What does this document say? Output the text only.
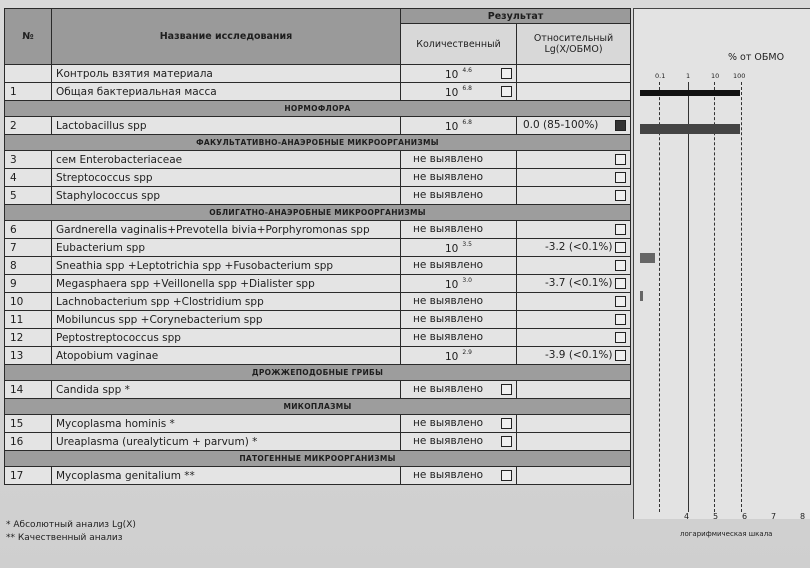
№	Название исследования	Результат	
		Количественный	Относительный Lg(X/ОБМО)
	Контроль взятия материала	10 $^{4.6}$

1	Общая бактериальная масса	10 $^{6.8}$

НОРМОФЛОРА			
2	Lactobacillus spp	10 $^{6.8}$	0.0 (85-100%)

ФАКУЛЬТАТИВНО-АНАЭРОБНЫЕ МИКРООРГАНИЗМЫ			
3	сем Enterobacteriaceae	не выявлено	

4	Streptococcus spp	не выявлено	

5	Staphylococcus spp	не выявлено	

ОБЛИГАТНО-АНАЭРОБНЫЕ МИКРООРГАНИЗМЫ			
6	Gardnerella vaginalis+Prevotella bivia+Porphyromonas spp	не выявлено	

7	Eubacterium spp	10 $^{3.5}$	-3.2 (<0.1%)

8	Sneathia spp +Leptotrichia spp +Fusobacterium spp	не выявлено	

9	Megasphaera spp +Veillonella spp +Dialister spp	10 $^{3.0}$	-3.7 (<0.1%)

10	Lachnobacterium spp +Clostridium spp	не выявлено	

11	Mobiluncus spp +Corynebacterium spp	не выявлено	

12	Peptostreptococcus spp	не выявлено	

13	Atopobium vaginae	10 $^{2.9}$	-3.9 (<0.1%)

ДРОЖЖЕПОДОБНЫЕ ГРИБЫ			
14	Candida spp *	не выявлено	

МИКОПЛАЗМЫ			
15	Mycoplasma hominis *	не выявлено	

16	Ureaplasma (urealyticum + parvum) *	не выявлено	

ПАТОГЕННЫЕ МИКРООРГАНИЗМЫ			
17	Mycoplasma genitalium **	не выявлено	

* Абсолютный анализ Lg(X)
** Качественный анализ
% от ОБМО
0.1	1	10 100
4	5	6	7	8
логарифмическая шкала
